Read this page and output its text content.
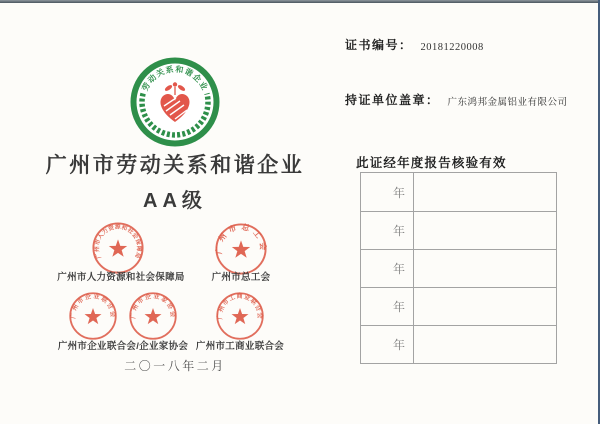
劳动关系和谐企业
广州市劳动关系和谐企业
AA级
广州市人力资源和社会保障局
广州市总工会
广州市人力资源和社会保障局	广州市总工会
广州市企业联合会 广州市企业家协会	广州市工商业联合会
广州市企业联合会/企业家协会 广州市工商业联合会
二〇一八年二月
证书编号： 20181220008
持证单位盖章： 广东鸿邦金属铝业有限公司
此证经年度报告核验有效
年
年
年
年
年
